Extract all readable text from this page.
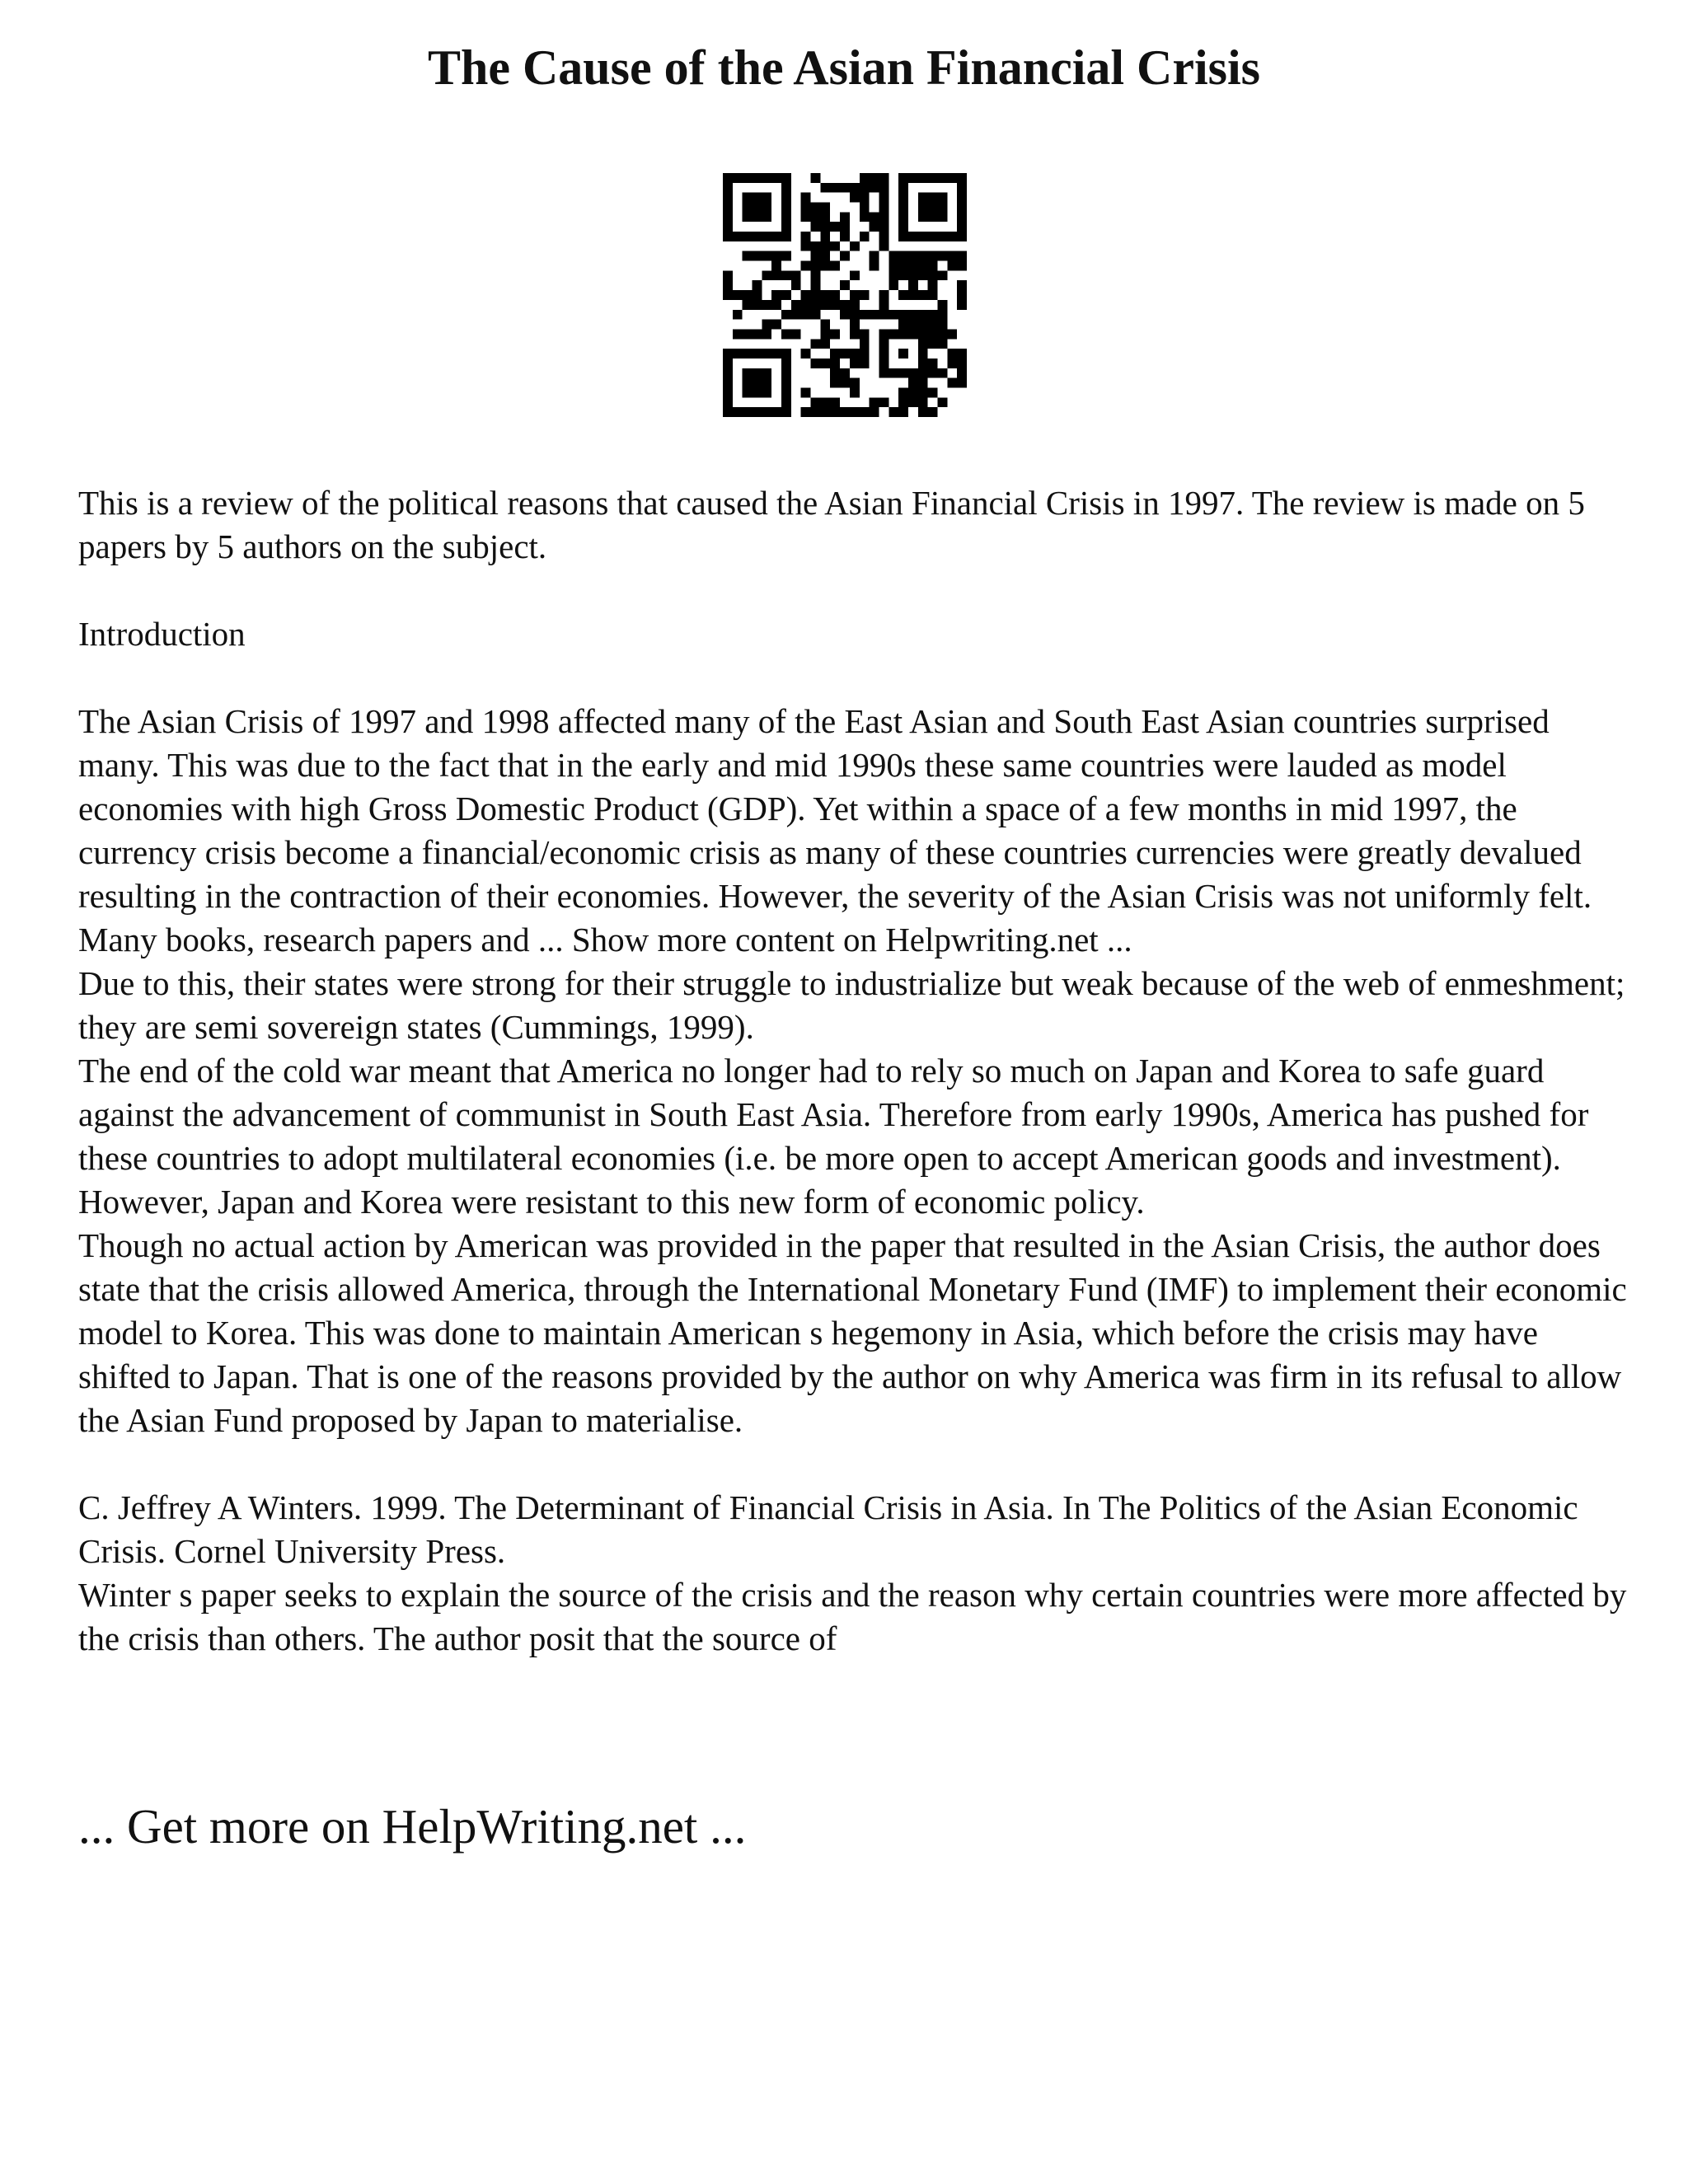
The Cause of the Asian Financial Crisis

This is a review of the political reasons that caused the Asian Financial Crisis in 1997. The review is made on 5 papers by 5 authors on the subject.

Introduction

The Asian Crisis of 1997 and 1998 affected many of the East Asian and South East Asian countries surprised many. This was due to the fact that in the early and mid 1990s these same countries were lauded as model economies with high Gross Domestic Product (GDP). Yet within a space of a few months in mid 1997, the currency crisis become a financial/economic crisis as many of these countries currencies were greatly devalued resulting in the contraction of their economies. However, the severity of the Asian Crisis was not uniformly felt.

Many books, research papers and ... Show more content on Helpwriting.net ...

Due to this, their states were strong for their struggle to industrialize but weak because of the web of enmeshment; they are semi sovereign states (Cummings, 1999).

The end of the cold war meant that America no longer had to rely so much on Japan and Korea to safe guard against the advancement of communist in South East Asia. Therefore from early 1990s, America has pushed for these countries to adopt multilateral economies (i.e. be more open to accept American goods and investment). However, Japan and Korea were resistant to this new form of economic policy.

Though no actual action by American was provided in the paper that resulted in the Asian Crisis, the author does state that the crisis allowed America, through the International Monetary Fund (IMF) to implement their economic model to Korea. This was done to maintain American s hegemony in Asia, which before the crisis may have shifted to Japan. That is one of the reasons provided by the author on why America was firm in its refusal to allow the Asian Fund proposed by Japan to materialise.

C. Jeffrey A Winters. 1999. The Determinant of Financial Crisis in Asia. In The Politics of the Asian Economic Crisis. Cornel University Press.

Winter s paper seeks to explain the source of the crisis and the reason why certain countries were more affected by the crisis than others. The author posit that the source of

... Get more on HelpWriting.net ...
